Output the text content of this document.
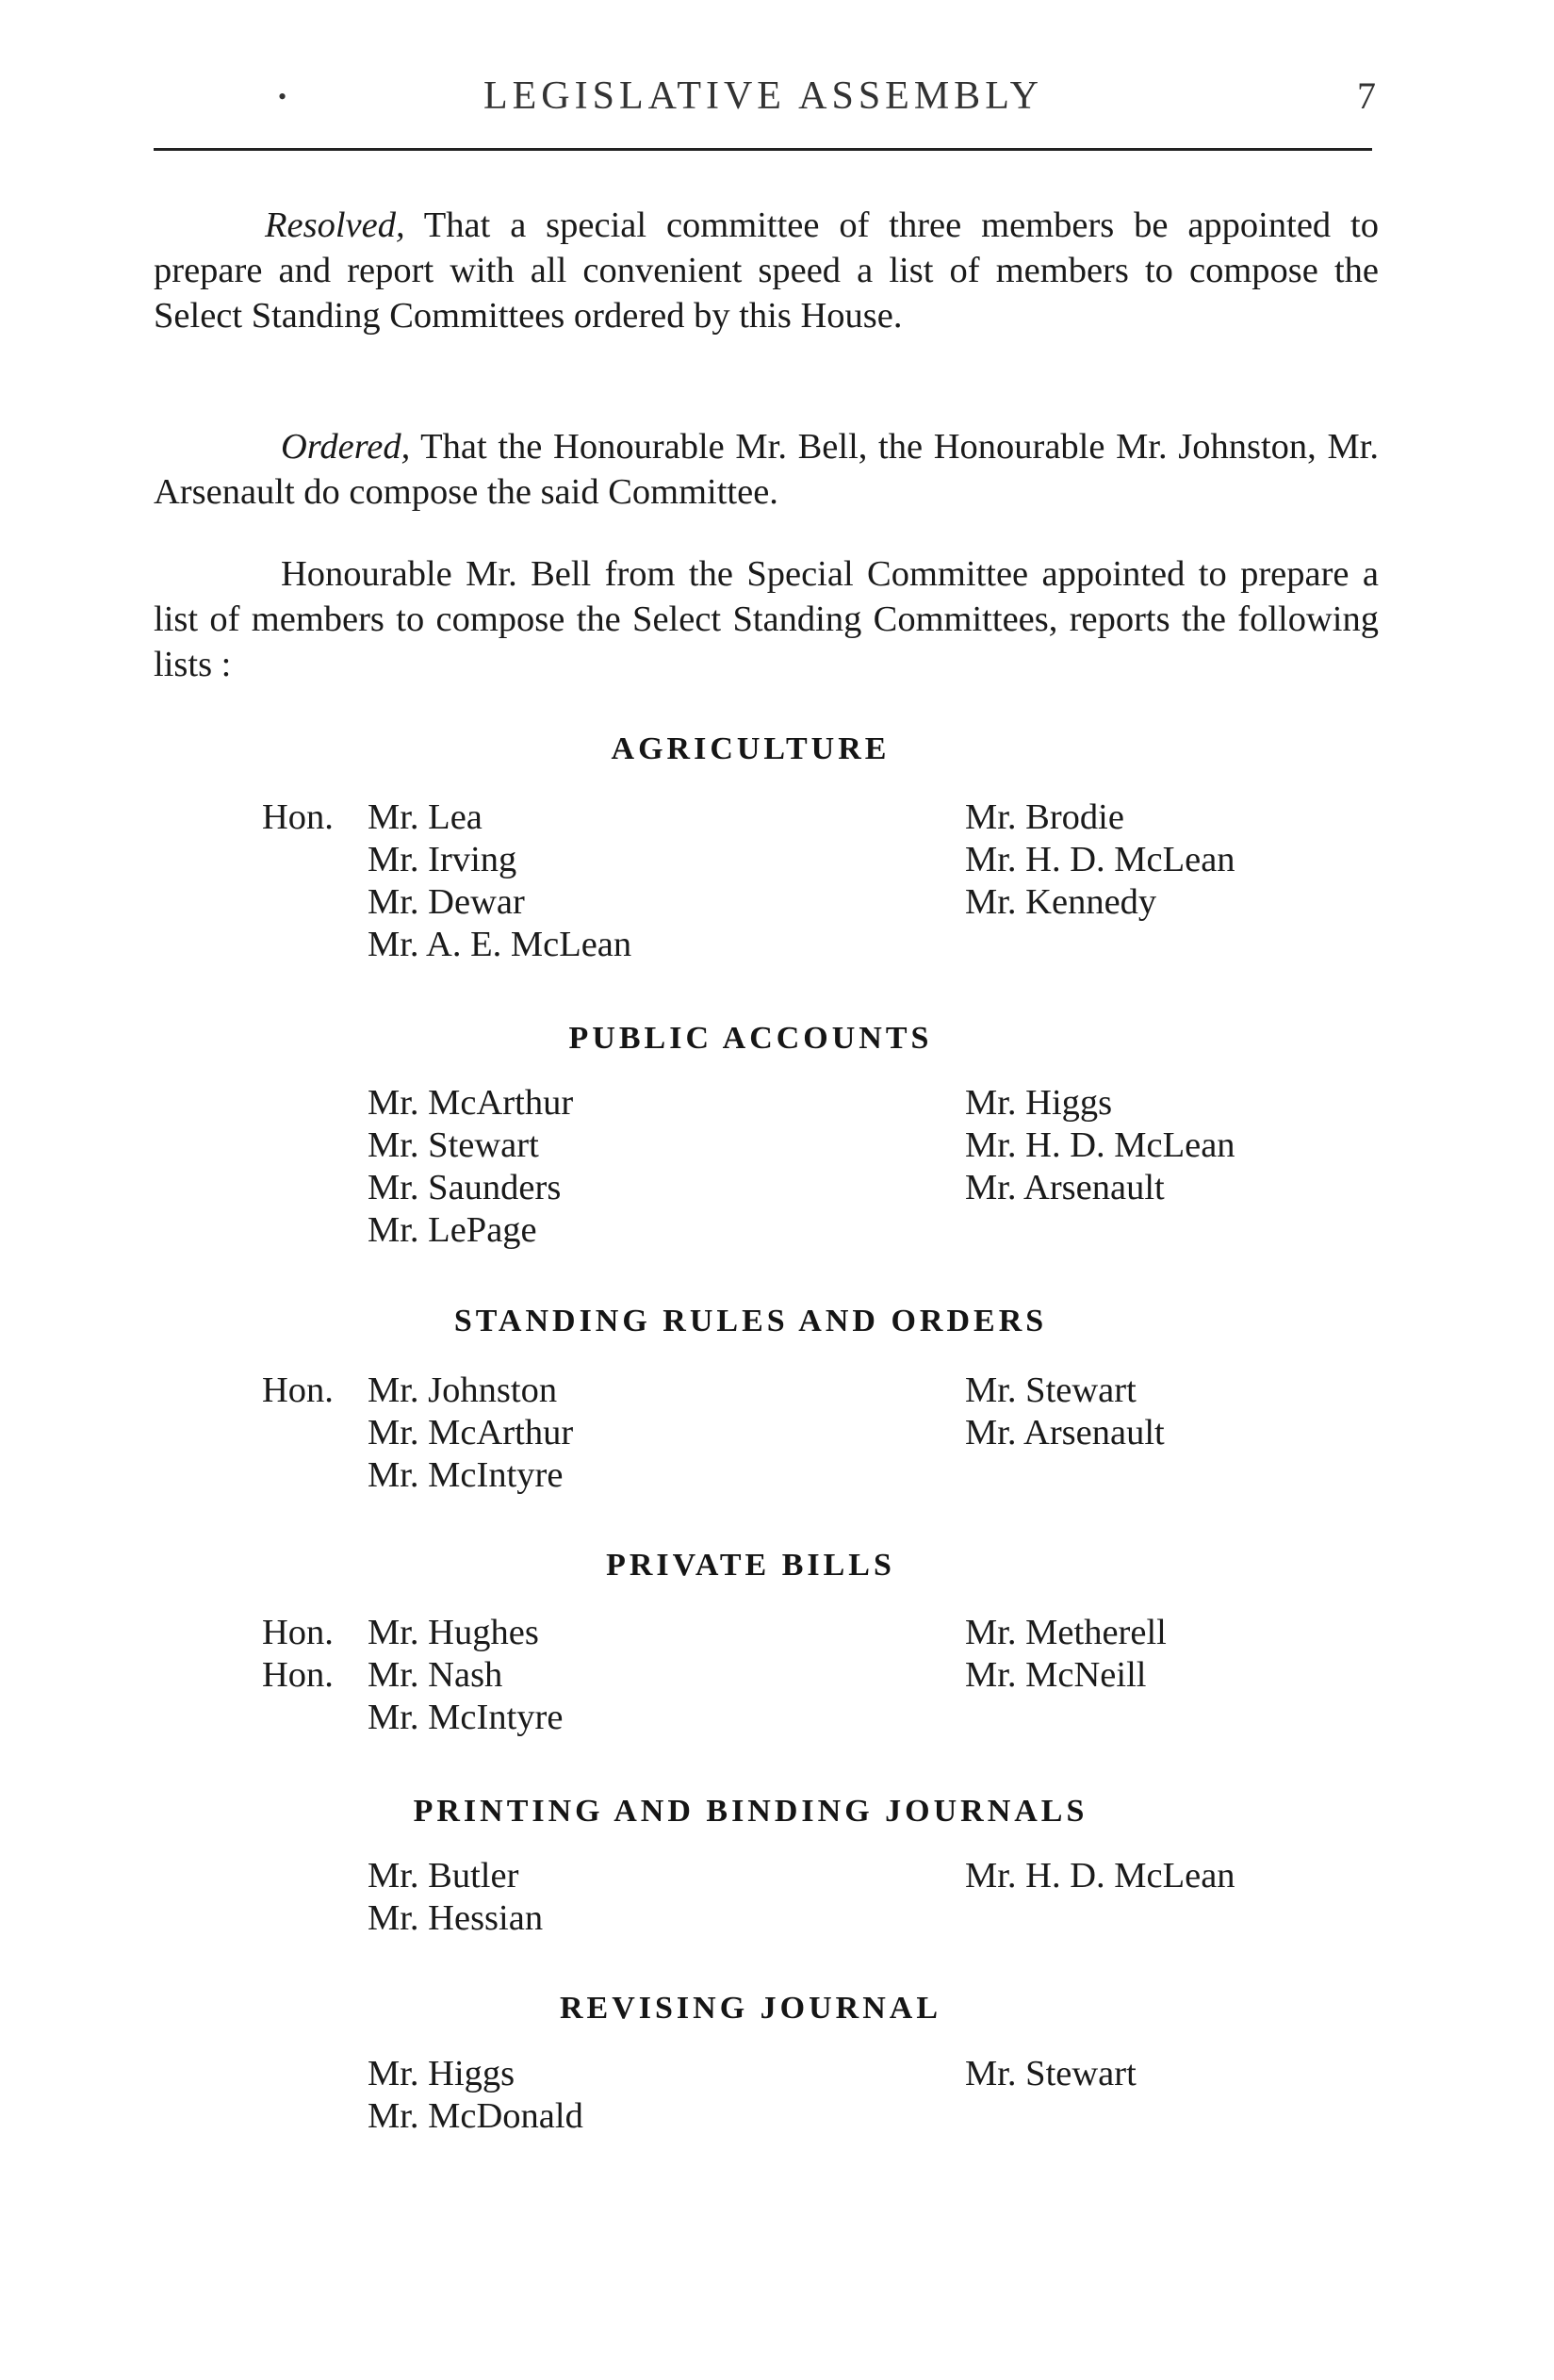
•	LEGISLATIVE ASSEMBLY	7

Resolved, That a special committee of three members be appointed to prepare and report with all convenient speed a list of members to compose the Select Standing Committees ordered by this House.

Ordered, That the Honourable Mr. Bell, the Honourable Mr. Johnston, Mr. Arsenault do compose the said Committee.

Honourable Mr. Bell from the Special Committee appointed to prepare a list of members to compose the Select Standing Committees, reports the following lists :

AGRICULTURE
Hon. Mr. Lea
Mr. Irving
Mr. Dewar
Mr. A. E. McLean
Mr. Brodie
Mr. H. D. McLean
Mr. Kennedy
PUBLIC ACCOUNTS
Mr. McArthur
Mr. Stewart
Mr. Saunders
Mr. LePage
Mr. Higgs
Mr. H. D. McLean
Mr. Arsenault
STANDING RULES AND ORDERS
Hon. Mr. Johnston
Mr. McArthur
Mr. McIntyre
Mr. Stewart
Mr. Arsenault
PRIVATE BILLS
Hon. Mr. Hughes
Hon. Mr. Nash
Mr. McIntyre
Mr. Metherell
Mr. McNeill
PRINTING AND BINDING JOURNALS
Mr. Butler
Mr. Hessian
Mr. H. D. McLean
REVISING JOURNAL
Mr. Higgs
Mr. McDonald
Mr. Stewart
